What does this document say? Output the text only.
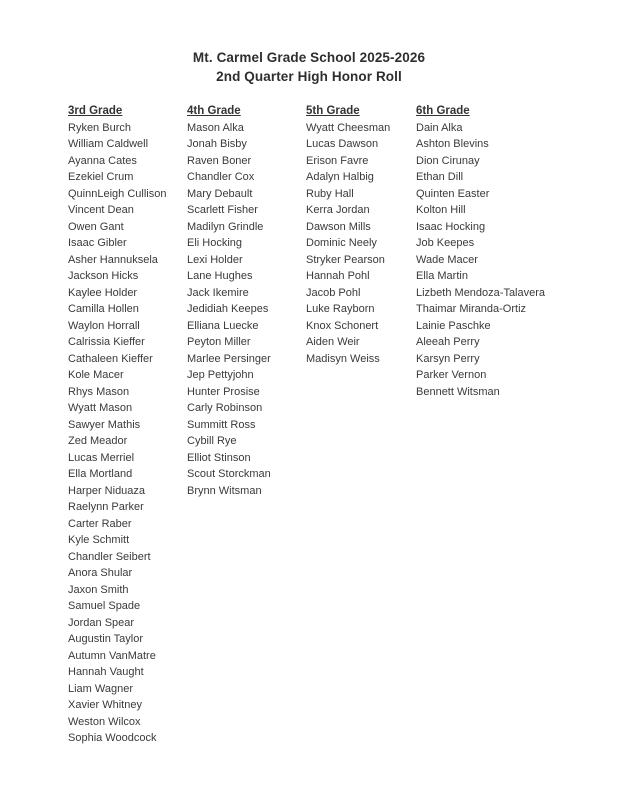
Mt. Carmel Grade School 2025-2026
2nd Quarter High Honor Roll
3rd Grade

Ryken Burch

William Caldwell

Ayanna Cates

Ezekiel Crum

QuinnLeigh Cullison

Vincent Dean

Owen Gant

Isaac Gibler

Asher Hannuksela

Jackson Hicks

Kaylee Holder

Camilla Hollen

Waylon Horrall

Calrissia Kieffer

Cathaleen Kieffer

Kole Macer

Rhys Mason

Wyatt Mason

Sawyer Mathis

Zed Meador

Lucas Merriel

Ella Mortland

Harper Niduaza

Raelynn Parker

Carter Raber

Kyle Schmitt

Chandler Seibert

Anora Shular

Jaxon Smith

Samuel Spade

Jordan Spear

Augustin Taylor

Autumn VanMatre

Hannah Vaught

Liam Wagner

Xavier Whitney

Weston Wilcox

Sophia Woodcock

4th Grade

Mason Alka

Jonah Bisby

Raven Boner

Chandler Cox

Mary Debault

Scarlett Fisher

Madilyn Grindle

Eli Hocking

Lexi Holder

Lane Hughes

Jack Ikemire

Jedidiah Keepes

Elliana Luecke

Peyton Miller

Marlee Persinger

Jep Pettyjohn

Hunter Prosise

Carly Robinson

Summitt Ross

Cybill Rye

Elliot Stinson

Scout Storckman

Brynn Witsman

5th Grade

Wyatt Cheesman

Lucas Dawson

Erison Favre

Adalyn Halbig

Ruby Hall

Kerra Jordan

Dawson Mills

Dominic Neely

Stryker Pearson

Hannah Pohl

Jacob Pohl

Luke Rayborn

Knox Schonert

Aiden Weir

Madisyn Weiss

6th Grade

Dain Alka

Ashton Blevins

Dion Cirunay

Ethan Dill

Quinten Easter

Kolton Hill

Isaac Hocking

Job Keepes

Wade Macer

Ella Martin

Lizbeth Mendoza-Talavera

Thaimar Miranda-Ortiz

Lainie Paschke

Aleeah Perry

Karsyn Perry

Parker Vernon

Bennett Witsman
